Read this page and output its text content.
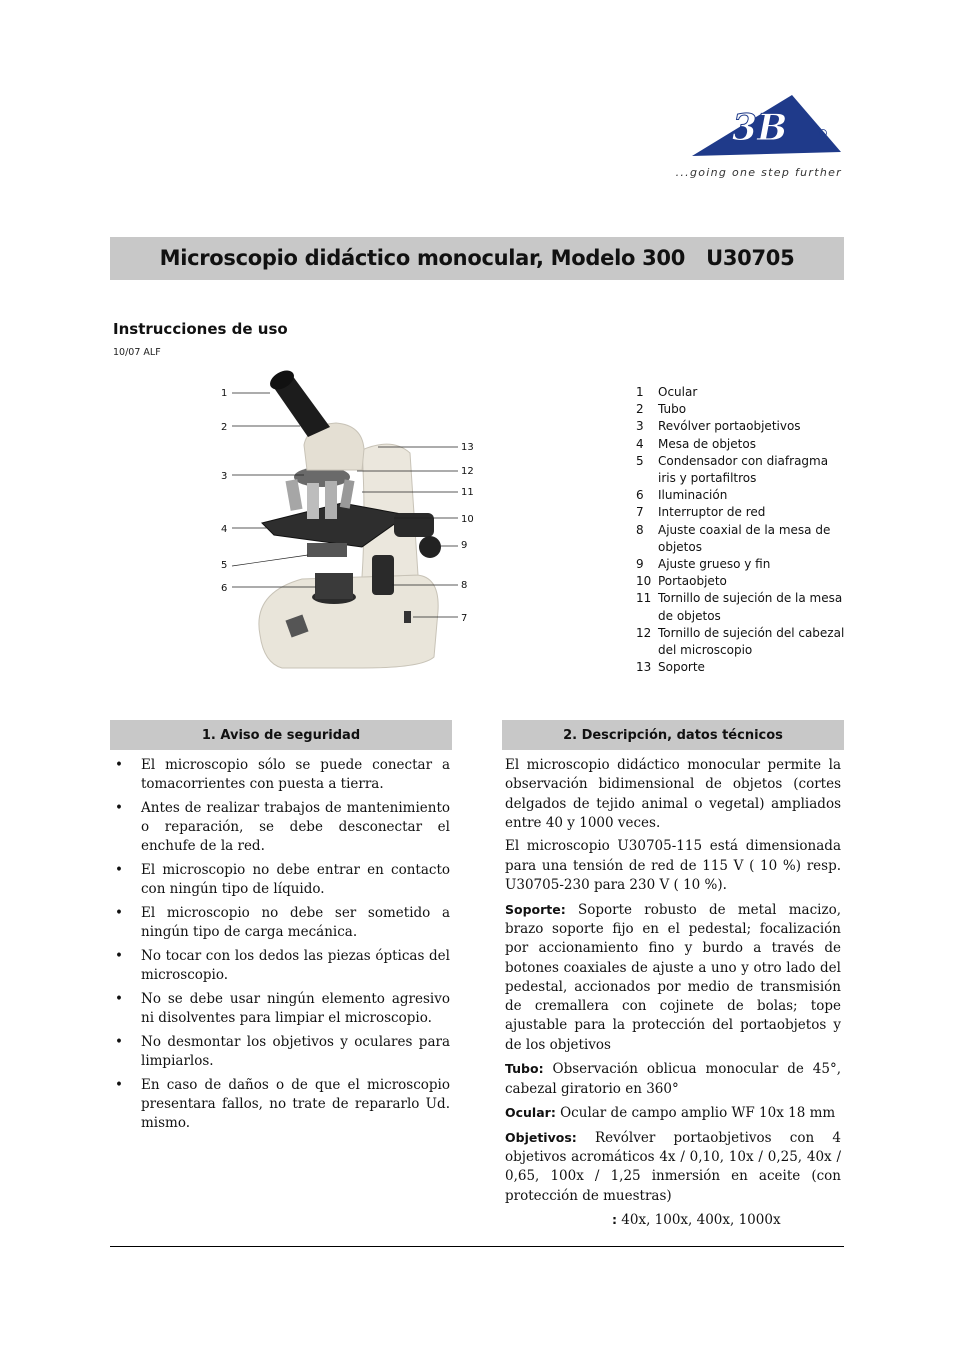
3B
...going one step further
Microscopio didáctico monocular, Modelo 300   U30705
Instrucciones de uso
10/07 ALF
1
2
3
4
5
6
13
12
11
10
9
8
7
1	Ocular
2	Tubo
3	Revólver portaobjetivos
4	Mesa de objetos
5	Condensador con diafragma iris y portafiltros
6	Iluminación
7	Interruptor de red
8	Ajuste coaxial de la mesa de objetos
9	Ajuste grueso y fin
10 Portaobjeto
11 Tornillo de sujeción de la mesa de objetos
12 Tornillo de sujeción del cabezal del microscopio
13 Soporte
1. Aviso de seguridad	2. Descripción, datos técnicos
• El microscopio sólo se puede conectar a tomacorrientes con puesta a tierra.
• Antes de realizar trabajos de mantenimiento o reparación, se debe desconectar el enchufe de la red.
• El microscopio no debe entrar en contacto con ningún tipo de líquido.
• El microscopio no debe ser sometido a ningún tipo de carga mecánica.
• No tocar con los dedos las piezas ópticas del microscopio.
• No se debe usar ningún elemento agresivo ni disolventes para limpiar el microscopio.
• No desmontar los objetivos y oculares para limpiarlos.
• En caso de daños o de que el microscopio presentara fallos, no trate de repararlo Ud. mismo.

El microscopio didáctico monocular permite la observación bidimensional de objetos (cortes delgados de tejido animal o vegetal) ampliados entre 40 y 1000 veces.

El microscopio U30705-115 está dimensionada para una tensión de red de 115 V ( 10 %) resp. U30705-230 para 230 V ( 10 %).

Soporte: Soporte robusto de metal macizo, brazo soporte fijo en el pedestal; focalización por accionamiento fino y burdo a través de botones coaxiales de ajuste a uno y otro lado del pedestal, accionados por medio de transmisión de cremallera con cojinete de bolas; tope ajustable para la protección del portaobjetos y de los objetivos

Tubo: Observación oblicua monocular de 45°, cabezal giratorio en 360°

Ocular: Ocular de campo amplio WF 10x 18 mm

Objetivos: Revólver portaobjetivos con 4 objetivos acromáticos 4x / 0,10, 10x / 0,25, 40x / 0,65, 100x / 1,25 inmersión en aceite (con protección de muestras)

: 40x, 100x, 400x, 1000x
